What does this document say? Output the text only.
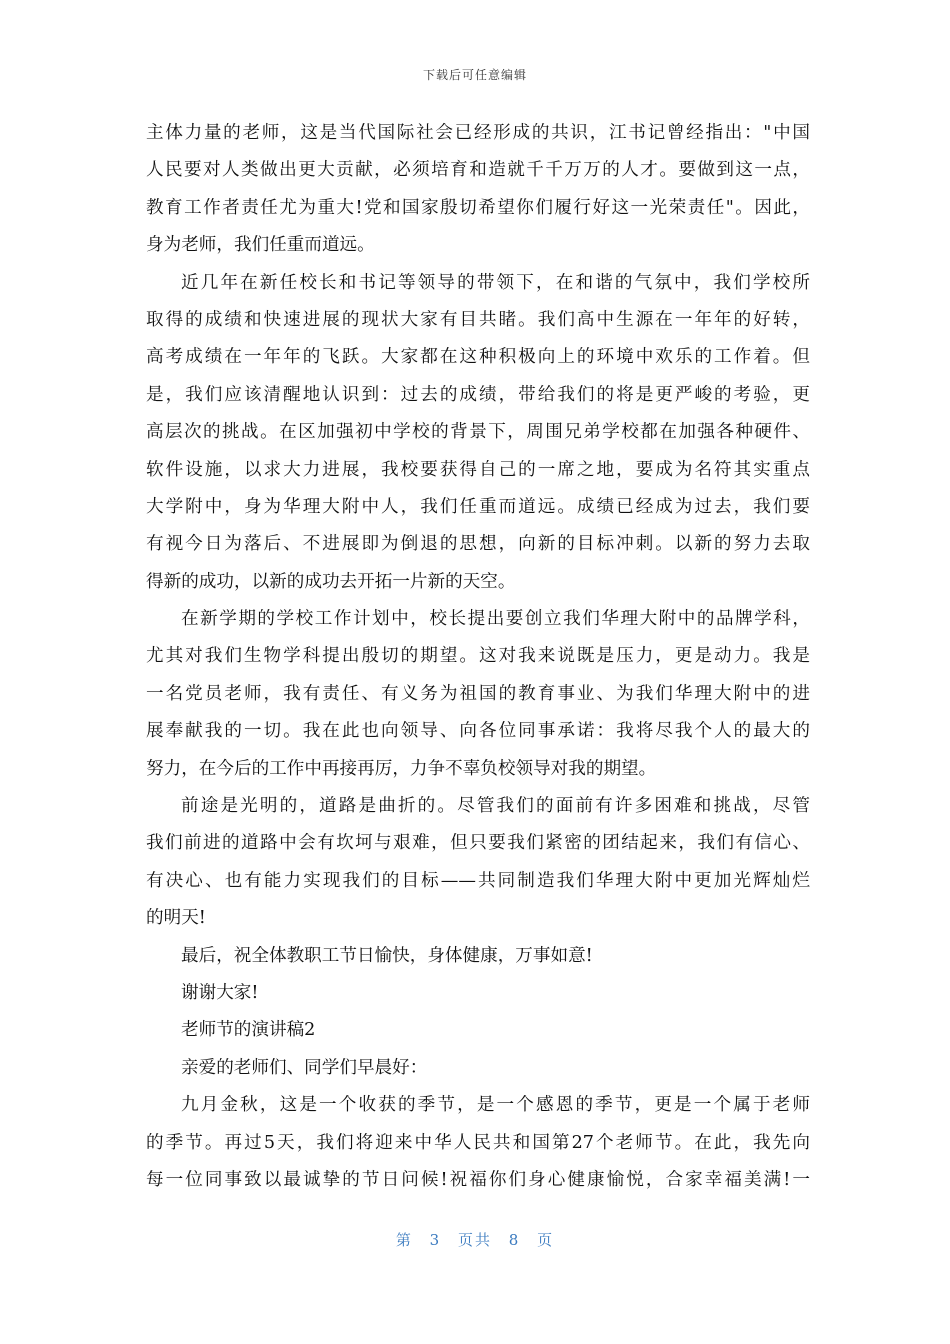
下载后可任意编辑
主体力量的老师，这是当代国际社会已经形成的共识，江书记曾经指出："中国
人民要对人类做出更大贡献，必须培育和造就千千万万的人才。要做到这一点，
教育工作者责任尤为重大!党和国家殷切希望你们履行好这一光荣责任"。因此，
身为老师，我们任重而道远。
近几年在新任校长和书记等领导的带领下，在和谐的气氛中，我们学校所
取得的成绩和快速进展的现状大家有目共睹。我们高中生源在一年年的好转，
高考成绩在一年年的飞跃。大家都在这种积极向上的环境中欢乐的工作着。但
是，我们应该清醒地认识到：过去的成绩，带给我们的将是更严峻的考验，更
高层次的挑战。在区加强初中学校的背景下，周围兄弟学校都在加强各种硬件、
软件设施，以求大力进展，我校要获得自己的一席之地，要成为名符其实重点
大学附中，身为华理大附中人，我们任重而道远。成绩已经成为过去，我们要
有视今日为落后、不进展即为倒退的思想，向新的目标冲刺。以新的努力去取
得新的成功，以新的成功去开拓一片新的天空。
在新学期的学校工作计划中，校长提出要创立我们华理大附中的品牌学科，
尤其对我们生物学科提出殷切的期望。这对我来说既是压力，更是动力。我是
一名党员老师，我有责任、有义务为祖国的教育事业、为我们华理大附中的进
展奉献我的一切。我在此也向领导、向各位同事承诺：我将尽我个人的最大的
努力，在今后的工作中再接再厉，力争不辜负校领导对我的期望。
前途是光明的，道路是曲折的。尽管我们的面前有许多困难和挑战，尽管
我们前进的道路中会有坎坷与艰难，但只要我们紧密的团结起来，我们有信心、
有决心、也有能力实现我们的目标——共同制造我们华理大附中更加光辉灿烂
的明天!
最后，祝全体教职工节日愉快，身体健康，万事如意!
谢谢大家!
老师节的演讲稿2
亲爱的老师们、同学们早晨好：
九月金秋，这是一个收获的季节，是一个感恩的季节，更是一个属于老师
的季节。再过5天，我们将迎来中华人民共和国第27个老师节。在此，我先向
每一位同事致以最诚挚的节日问候!祝福你们身心健康愉悦，合家幸福美满!一
第 3 页共 8 页
